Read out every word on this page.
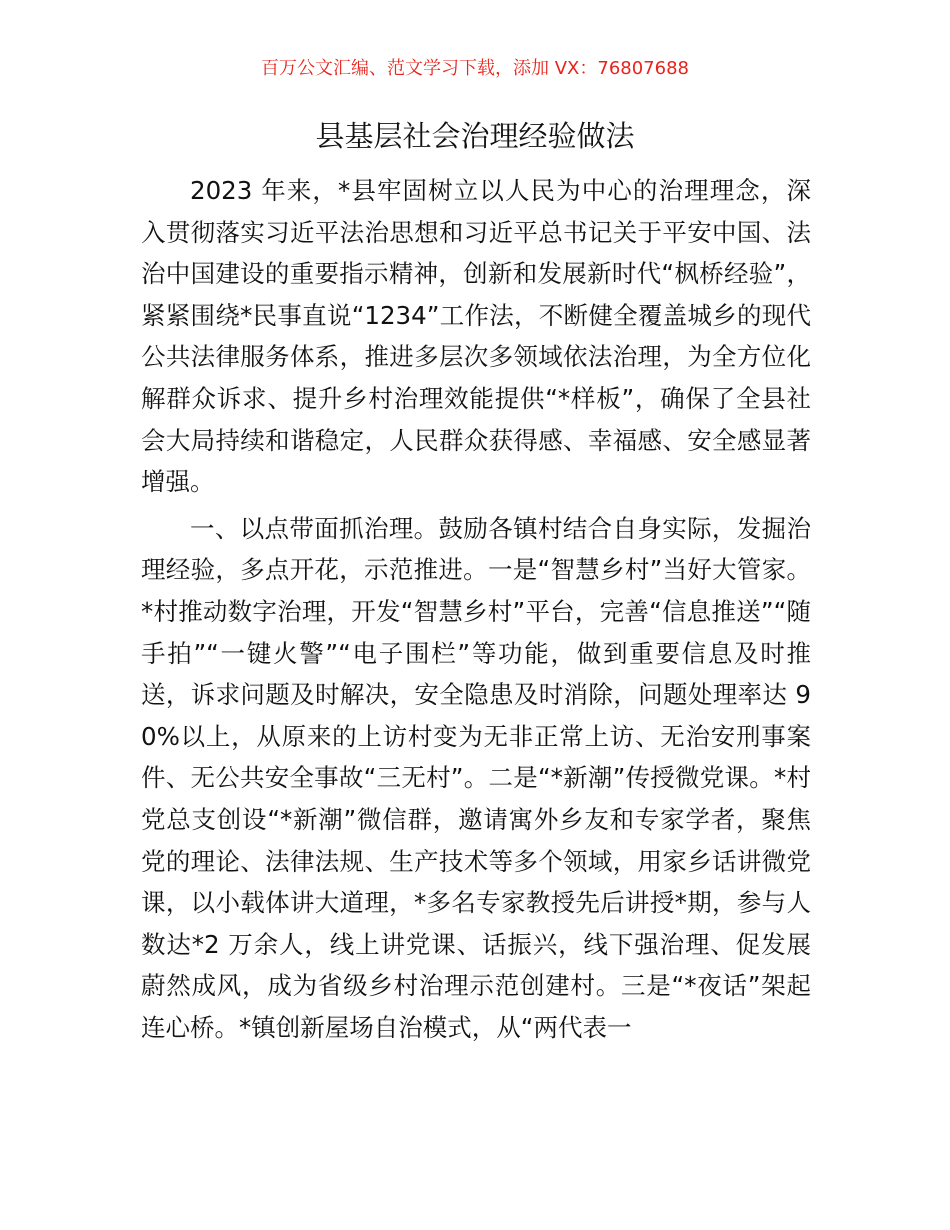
百万公文汇编、范文学习下载，添加 VX：76807688
县基层社会治理经验做法

2023 年来，*县牢固树立以人民为中心的治理理念，深入贯彻落实习近平法治思想和习近平总书记关于平安中国、法治中国建设的重要指示精神，创新和发展新时代“枫桥经验”，紧紧围绕*民事直说“1234”工作法，不断健全覆盖城乡的现代公共法律服务体系，推进多层次多领域依法治理，为全方位化解群众诉求、提升乡村治理效能提供“*样板”，确保了全县社会大局持续和谐稳定，人民群众获得感、幸福感、安全感显著增强。

一、以点带面抓治理。鼓励各镇村结合自身实际，发掘治理经验，多点开花，示范推进。一是“智慧乡村”当好大管家。*村推动数字治理，开发“智慧乡村”平台，完善“信息推送”“随手拍”“一键火警”“电子围栏”等功能，做到重要信息及时推送，诉求问题及时解决，安全隐患及时消除，问题处理率达 90%以上，从原来的上访村变为无非正常上访、无治安刑事案件、无公共安全事故“三无村”。二是“*新潮”传授微党课。*村党总支创设“*新潮”微信群，邀请寓外乡友和专家学者，聚焦党的理论、法律法规、生产技术等多个领域，用家乡话讲微党课，以小载体讲大道理，*多名专家教授先后讲授*期，参与人数达*2 万余人，线上讲党课、话振兴，线下强治理、促发展蔚然成风，成为省级乡村治理示范创建村。三是“*夜话”架起连心桥。*镇创新屋场自治模式，从“两代表一
